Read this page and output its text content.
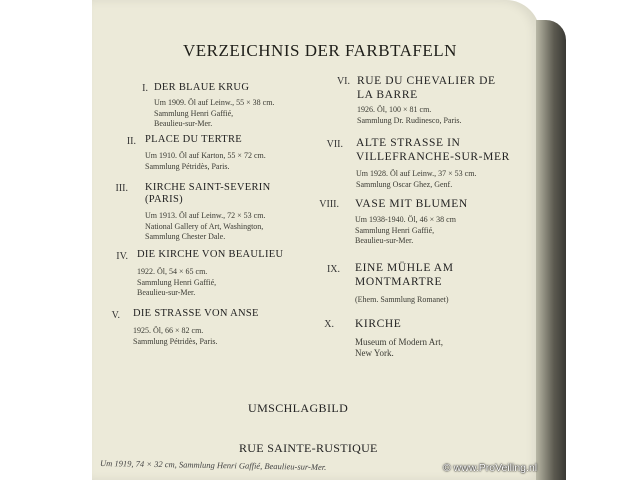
VERZEICHNIS DER FARBTAFELN
I. DER BLAUE KRUG
Um 1909. Öl auf Leinw., 55 × 38 cm.
Sammlung Henri Gaffié,
Beaulieu-sur-Mer.
II. PLACE DU TERTRE
Um 1910. Öl auf Karton, 55 × 72 cm.
Sammlung Pétridès, Paris.
III. KIRCHE SAINT-SEVERIN
(PARIS)
Um 1913. Öl auf Leinw., 72 × 53 cm.
National Gallery of Art, Washington,
Sammlung Chester Dale.
IV. DIE KIRCHE VON BEAULIEU
1922. Öl, 54 × 65 cm.
Sammlung Henri Gaffié,
Beaulieu-sur-Mer.
V. DIE STRASSE VON ANSE
1925. Öl, 66 × 82 cm.
Sammlung Pétridès, Paris.
VI. RUE DU CHEVALIER DE
LA BARRE
1926. Öl, 100 × 81 cm.
Sammlung Dr. Rudinesco, Paris.
VII. ALTE STRASSE IN
VILLEFRANCHE-SUR-MER
Um 1928. Öl auf Leinw., 37 × 53 cm.
Sammlung Oscar Ghez, Genf.
VIII. VASE MIT BLUMEN
Um 1938-1940. Öl, 46 × 38 cm
Sammlung Henri Gaffié,
Beaulieu-sur-Mer.
IX. EINE MÜHLE AM
MONTMARTRE
(Ehem. Sammlung Romanet)
X. KIRCHE
Museum of Modern Art,
New York.
UMSCHLAGBILD
RUE SAINTE-RUSTIQUE
Um 1919, 74 × 32 cm, Sammlung Henri Gaffié, Beaulieu-sur-Mer.	© www.ProVeiling.nl
